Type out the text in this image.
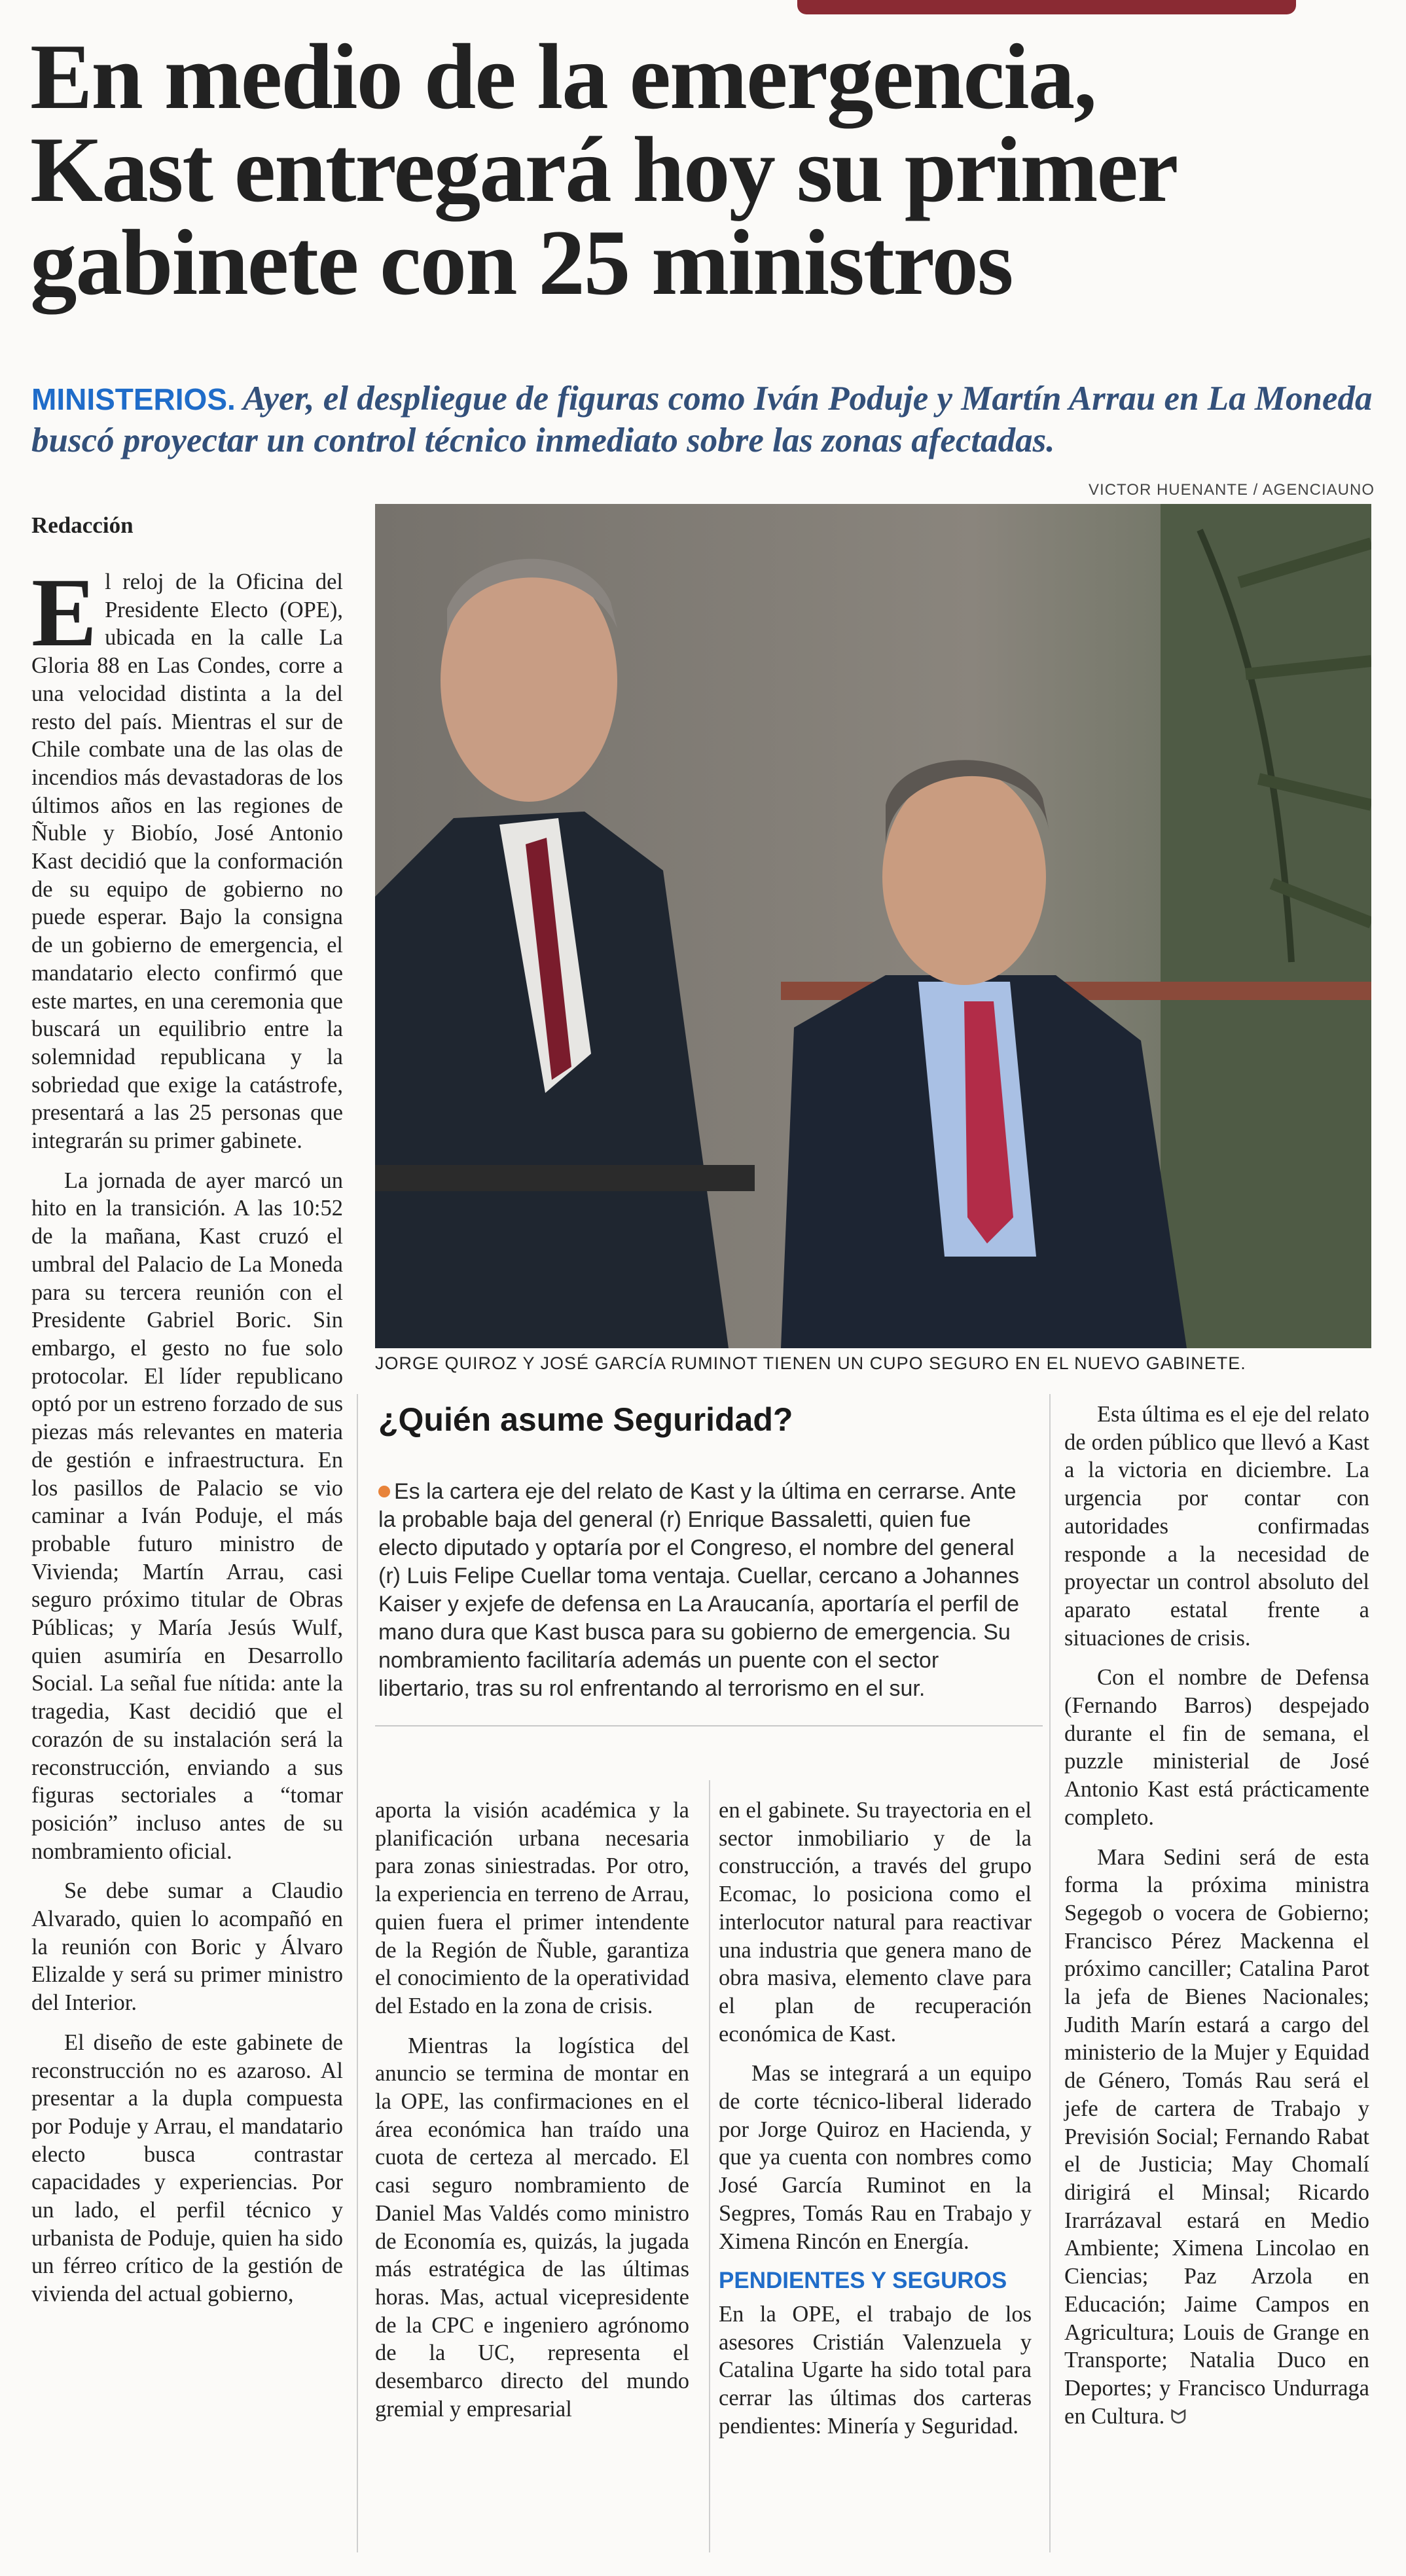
En medio de la emergencia,
Kast entregará hoy su primer
gabinete con 25 ministros
MINISTERIOS. Ayer, el despliegue de figuras como Iván Poduje y Martín Arrau en La Moneda buscó proyectar un control técnico inmediato sobre las zonas afectadas.
VICTOR HUENANTE / AGENCIAUNO
Redacción

El reloj de la Oficina del Presidente Electo (OPE), ubicada en la calle La Gloria 88 en Las Condes, corre a una velocidad distinta a la del resto del país. Mientras el sur de Chile combate una de las olas de incendios más devastadoras de los últimos años en las regiones de Ñuble y Biobío, José Antonio Kast decidió que la conformación de su equipo de gobierno no puede esperar. Bajo la consigna de un gobierno de emergencia, el mandatario electo confirmó que este martes, en una ceremonia que buscará un equilibrio entre la solemnidad republicana y la sobriedad que exige la catástrofe, presentará a las 25 personas que integrarán su primer gabinete.

La jornada de ayer marcó un hito en la transición. A las 10:52 de la mañana, Kast cruzó el umbral del Palacio de La Moneda para su tercera reunión con el Presidente Gabriel Boric. Sin embargo, el gesto no fue solo protocolar. El líder republicano optó por un estreno forzado de sus piezas más relevantes en materia de gestión e infraestructura. En los pasillos de Palacio se vio caminar a Iván Poduje, el más probable futuro ministro de Vivienda; Martín Arrau, casi seguro próximo titular de Obras Públicas; y María Jesús Wulf, quien asumiría en Desarrollo Social. La señal fue nítida: ante la tragedia, Kast decidió que el corazón de su instalación será la reconstrucción, enviando a sus figuras sectoriales a “tomar posición” incluso antes de su nombramiento oficial.

Se debe sumar a Claudio Alvarado, quien lo acompañó en la reunión con Boric y Álvaro Elizalde y será su primer ministro del Interior.

El diseño de este gabinete de reconstrucción no es azaroso. Al presentar a la dupla compuesta por Poduje y Arrau, el mandatario electo busca contrastar capacidades y experiencias. Por un lado, el perfil técnico y urbanista de Poduje, quien ha sido un férreo crítico de la gestión de vivienda del actual gobierno,

JORGE QUIROZ Y JOSÉ GARCÍA RUMINOT TIENEN UN CUPO SEGURO EN EL NUEVO GABINETE.
¿Quién asume Seguridad?
Es la cartera eje del relato de Kast y la última en cerrarse. Ante la probable baja del general (r) Enrique Bassaletti, quien fue electo diputado y optaría por el Congreso, el nombre del general (r) Luis Felipe Cuellar toma ventaja. Cuellar, cercano a Johannes Kaiser y exjefe de defensa en La Araucanía, aportaría el perfil de mano dura que Kast busca para su gobierno de emergencia. Su nombramiento facilitaría además un puente con el sector libertario, tras su rol enfrentando al terrorismo en el sur.

aporta la visión académica y la planificación urbana necesaria para zonas siniestradas. Por otro, la experiencia en terreno de Arrau, quien fuera el primer intendente de la Región de Ñuble, garantiza el conocimiento de la operatividad del Estado en la zona de crisis.

Mientras la logística del anuncio se termina de montar en la OPE, las confirmaciones en el área económica han traído una cuota de certeza al mercado. El casi seguro nombramiento de Daniel Mas Valdés como ministro de Economía es, quizás, la jugada más estratégica de las últimas horas. Mas, actual vicepresidente de la CPC e ingeniero agrónomo de la UC, representa el desembarco directo del mundo gremial y empresarial

en el gabinete. Su trayectoria en el sector inmobiliario y de la construcción, a través del grupo Ecomac, lo posiciona como el interlocutor natural para reactivar una industria que genera mano de obra masiva, elemento clave para el plan de recuperación económica de Kast.

Mas se integrará a un equipo de corte técnico-liberal liderado por Jorge Quiroz en Hacienda, y que ya cuenta con nombres como José García Ruminot en la Segpres, Tomás Rau en Trabajo y Ximena Rincón en Energía.

PENDIENTES Y SEGUROS

En la OPE, el trabajo de los asesores Cristián Valenzuela y Catalina Ugarte ha sido total para cerrar las últimas dos carteras pendientes: Minería y Seguridad.

Esta última es el eje del relato de orden público que llevó a Kast a la victoria en diciembre. La urgencia por contar con autoridades confirmadas responde a la necesidad de proyectar un control absoluto del aparato estatal frente a situaciones de crisis.

Con el nombre de Defensa (Fernando Barros) despejado durante el fin de semana, el puzzle ministerial de José Antonio Kast está prácticamente completo.

Mara Sedini será de esta forma la próxima ministra Segegob o vocera de Gobierno; Francisco Pérez Mackenna el próximo canciller; Catalina Parot la jefa de Bienes Nacionales; Judith Marín estará a cargo del ministerio de la Mujer y Equidad de Género, Tomás Rau será el jefe de cartera de Trabajo y Previsión Social; Fernando Rabat el de Justicia; May Chomalí dirigirá el Minsal; Ricardo Irarrázaval estará en Medio Ambiente; Ximena Lincolao en Ciencias; Paz Arzola en Educación; Jaime Campos en Agricultura; Louis de Grange en Transporte; Natalia Duco en Deportes; y Francisco Undurraga en Cultura. ᗢ
